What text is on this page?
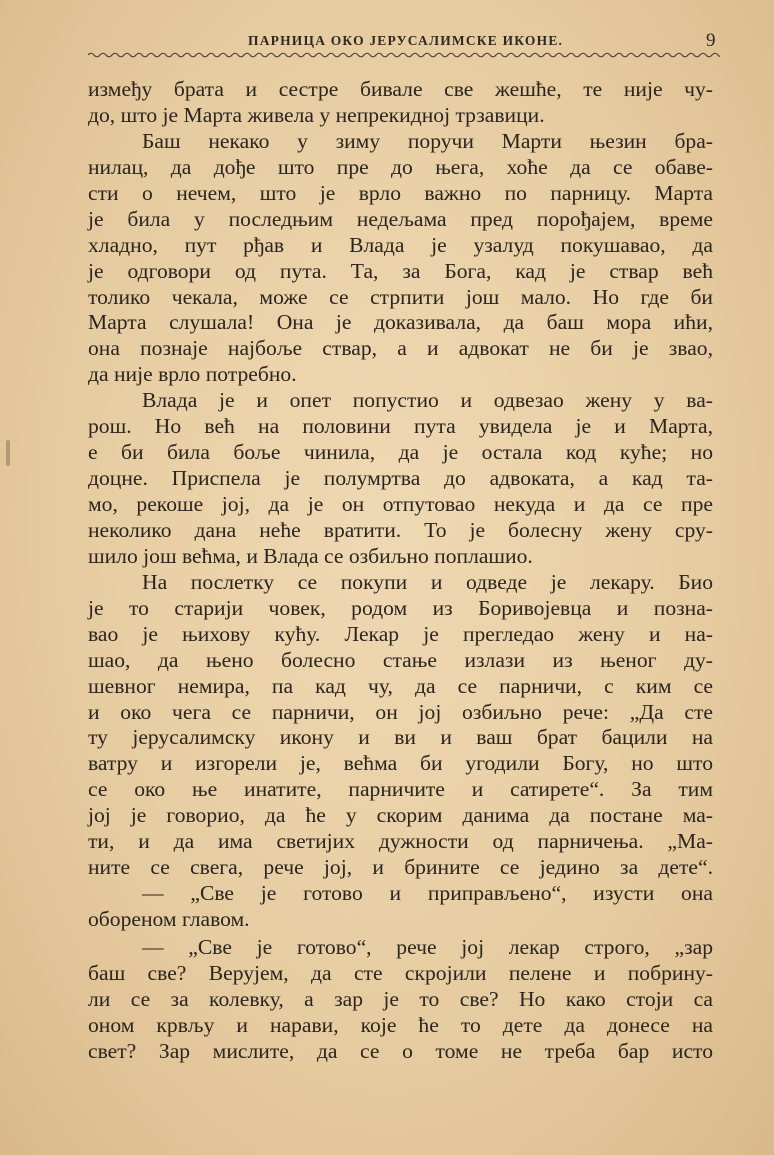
ПАРНИЦА ОКО ЈЕРУСАЛИМСКЕ ИКОНЕ.	9
између брата и сестре бивале све жешће, те није чу-
до, што је Марта живела у непрекидној трзавици.
Баш некако у зиму поручи Марти њезин бра-
нилац, да дође што пре до њега, хоће да се обаве-
сти о нечем, што је врло важно по парницу. Марта
је била у последњим недељама пред порођајем, време
хладно, пут рђав и Влада је узалуд покушавао, да
је одговори од пута. Та, за Бога, кад је ствар већ
толико чекала, може се стрпити још мало. Но где би
Марта слушала! Она је доказивала, да баш мора ићи,
она познаје најбоље ствар, а и адвокат не би је звао,
да није врло потребно.
Влада је и опет попустио и одвезао жену у ва-
рош. Но већ на половини пута увидела је и Марта,
е би била боље чинила, да је остала код куће; но
доцне. Приспела је полумртва до адвоката, а кад та-
мо, рекоше јој, да је он отпутовао некуда и да се пре
неколико дана неће вратити. То је болесну жену сру-
шило још већма, и Влада се озбиљно поплашио.
На послетку се покупи и одведе је лекару. Био
је то старији човек, родом из Боривојевца и позна-
вао је њихову кућу. Лекар је прегледао жену и на-
шао, да њено болесно стање излази из њеног ду-
шевног немира, па кад чу, да се парничи, с ким се
и око чега се парничи, он јој озбиљно рече: „Да сте
ту јерусалимску икону и ви и ваш брат бацили на
ватру и изгорели је, већма би угодили Богу, но што
се око ње инатите, парничите и сатирете“. За тим
јој је говорио, да ће у скорим данима да постане ма-
ти, и да има светијих дужности од парничења. „Ма-
ните се свега, рече јој, и брините се једино за дете“.
— „Све је готово и приправљено“, изусти она
обореном главом.
— „Све је готово“, рече јој лекар строго, „зар
баш све? Верујем, да сте скројили пелене и побрину-
ли се за колевку, а зар је то све? Но како стоји са
оном крвљу и нарави, које ће то дете да донесе на
свет? Зар мислите, да се о томе не треба бар исто
